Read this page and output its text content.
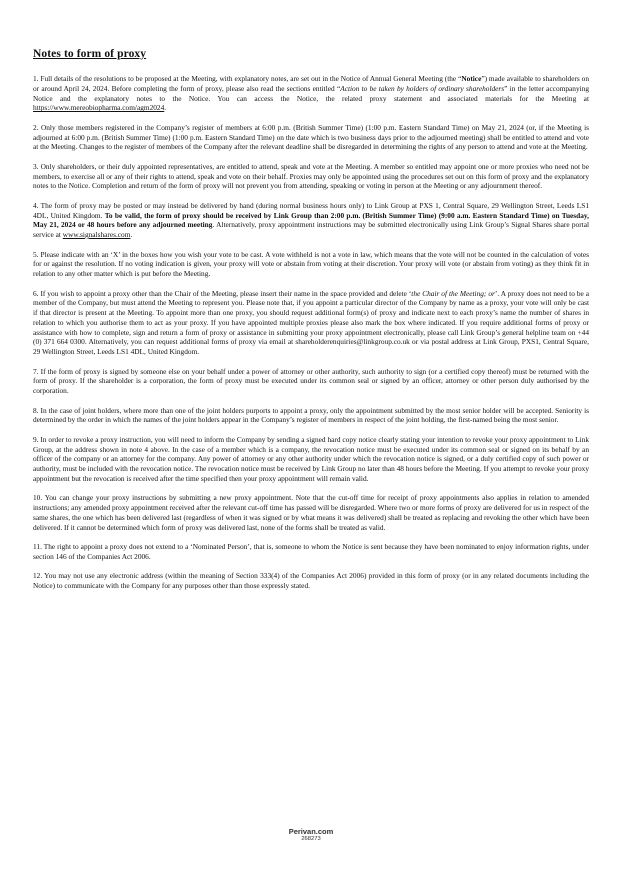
Notes to form of proxy

1. Full details of the resolutions to be proposed at the Meeting, with explanatory notes, are set out in the Notice of Annual General Meeting (the “Notice”) made available to shareholders on or around April 24, 2024. Before completing the form of proxy, please also read the sections entitled “Action to be taken by holders of ordinary shareholders” in the letter accompanying Notice and the explanatory notes to the Notice. You can access the Notice, the related proxy statement and associated materials for the Meeting at https://www.mereobiopharma.com/agm2024.

2. Only those members registered in the Company’s register of members at 6:00 p.m. (British Summer Time) (1:00 p.m. Eastern Standard Time) on May 21, 2024 (or, if the Meeting is adjourned at 6:00 p.m. (British Summer Time) (1:00 p.m. Eastern Standard Time) on the date which is two business days prior to the adjourned meeting) shall be entitled to attend and vote at the Meeting. Changes to the register of members of the Company after the relevant deadline shall be disregarded in determining the rights of any person to attend and vote at the Meeting.

3. Only shareholders, or their duly appointed representatives, are entitled to attend, speak and vote at the Meeting. A member so entitled may appoint one or more proxies who need not be members, to exercise all or any of their rights to attend, speak and vote on their behalf. Proxies may only be appointed using the procedures set out on this form of proxy and the explanatory notes to the Notice. Completion and return of the form of proxy will not prevent you from attending, speaking or voting in person at the Meeting or any adjournment thereof.

4. The form of proxy may be posted or may instead be delivered by hand (during normal business hours only) to Link Group at PXS 1, Central Square, 29 Wellington Street, Leeds LS1 4DL, United Kingdom. To be valid, the form of proxy should be received by Link Group than 2:00 p.m. (British Summer Time) (9:00 a.m. Eastern Standard Time) on Tuesday, May 21, 2024 or 48 hours before any adjourned meeting. Alternatively, proxy appointment instructions may be submitted electronically using Link Group’s Signal Shares share portal service at www.signalshares.com.

5. Please indicate with an ‘X’ in the boxes how you wish your vote to be cast. A vote withheld is not a vote in law, which means that the vote will not be counted in the calculation of votes for or against the resolution. If no voting indication is given, your proxy will vote or abstain from voting at their discretion. Your proxy will vote (or abstain from voting) as they think fit in relation to any other matter which is put before the Meeting.

6. If you wish to appoint a proxy other than the Chair of the Meeting, please insert their name in the space provided and delete ‘the Chair of the Meeting; or’. A proxy does not need to be a member of the Company, but must attend the Meeting to represent you. Please note that, if you appoint a particular director of the Company by name as a proxy, your vote will only be cast if that director is present at the Meeting. To appoint more than one proxy, you should request additional form(s) of proxy and indicate next to each proxy’s name the number of shares in relation to which you authorise them to act as your proxy. If you have appointed multiple proxies please also mark the box where indicated. If you require additional forms of proxy or assistance with how to complete, sign and return a form of proxy or assistance in submitting your proxy appointment electronically, please call Link Group’s general helpline team on +44 (0) 371 664 0300. Alternatively, you can request additional forms of proxy via email at shareholderenquiries@linkgroup.co.uk or via postal address at Link Group, PXS1, Central Square, 29 Wellington Street, Leeds LS1 4DL, United Kingdom.

7. If the form of proxy is signed by someone else on your behalf under a power of attorney or other authority, such authority to sign (or a certified copy thereof) must be returned with the form of proxy. If the shareholder is a corporation, the form of proxy must be executed under its common seal or signed by an officer, attorney or other person duly authorised by the corporation.

8. In the case of joint holders, where more than one of the joint holders purports to appoint a proxy, only the appointment submitted by the most senior holder will be accepted. Seniority is determined by the order in which the names of the joint holders appear in the Company’s register of members in respect of the joint holding, the first-named being the most senior.

9. In order to revoke a proxy instruction, you will need to inform the Company by sending a signed hard copy notice clearly stating your intention to revoke your proxy appointment to Link Group, at the address shown in note 4 above. In the case of a member which is a company, the revocation notice must be executed under its common seal or signed on its behalf by an officer of the company or an attorney for the company. Any power of attorney or any other authority under which the revocation notice is signed, or a duly certified copy of such power or authority, must be included with the revocation notice. The revocation notice must be received by Link Group no later than 48 hours before the Meeting. If you attempt to revoke your proxy appointment but the revocation is received after the time specified then your proxy appointment will remain valid.

10. You can change your proxy instructions by submitting a new proxy appointment. Note that the cut-off time for receipt of proxy appointments also applies in relation to amended instructions; any amended proxy appointment received after the relevant cut-off time has passed will be disregarded. Where two or more forms of proxy are delivered for us in respect of the same shares, the one which has been delivered last (regardless of when it was signed or by what means it was delivered) shall be treated as replacing and revoking the other which have been delivered. If it cannot be determined which form of proxy was delivered last, none of the forms shall be treated as valid.

11. The right to appoint a proxy does not extend to a ‘Nominated Person’, that is, someone to whom the Notice is sent because they have been nominated to enjoy information rights, under section 146 of the Companies Act 2006.

12. You may not use any electronic address (within the meaning of Section 333(4) of the Companies Act 2006) provided in this form of proxy (or in any related documents including the Notice) to communicate with the Company for any purposes other than those expressly stated.

Perivan.com
268273
